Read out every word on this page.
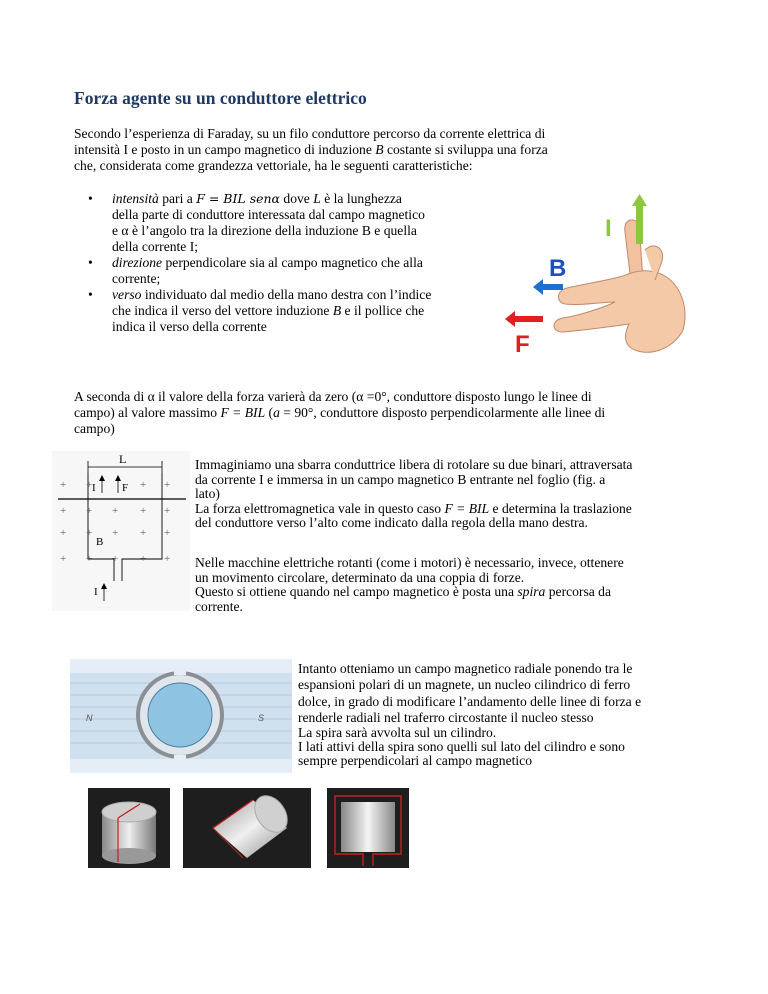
Forza agente su un conduttore elettrico
Secondo l’esperienza di Faraday, su un filo conduttore percorso da corrente elettrica di
intensità I e posto in un campo magnetico di induzione B costante si sviluppa una forza
che, considerata come grandezza vettoriale, ha le seguenti caratteristiche:
• intensità pari a F = BIL senα dove L è la lunghezza
della parte di conduttore interessata dal campo magnetico
e α è l’angolo tra la direzione della induzione B e quella
della corrente I;
• direzione perpendicolare sia al campo magnetico che alla
corrente;
• verso individuato dal medio della mano destra con l’indice
che indica il verso del vettore induzione B e il pollice che
indica il verso della corrente
I
B
F
A seconda di α il valore della forza varierà da zero (α =0°, conduttore disposto lungo le linee di
campo) al valore massimo F = BIL (a = 90°, conduttore disposto perpendicolarmente alle linee di
campo)
L
I F
B
I
+ +	+ +
+ + + + +
+ + + + +
+ + + + +
Immaginiamo una sbarra conduttrice libera di rotolare su due binari, attraversata
da corrente I e immersa in un campo magnetico B entrante nel foglio (fig. a
lato)
La forza elettromagnetica vale in questo caso F = BIL e determina la traslazione
del conduttore verso l’alto come indicato dalla regola della mano destra.
Nelle macchine elettriche rotanti (come i motori) è necessario, invece, ottenere
un movimento circolare, determinato da una coppia di forze.
Questo si ottiene quando nel campo magnetico è posta una spira percorsa da
corrente.
N	S
Intanto otteniamo un campo magnetico radiale ponendo tra le
espansioni polari di un magnete, un nucleo cilindrico di ferro
dolce, in grado di modificare l’andamento delle linee di forza e
renderle radiali nel traferro circostante il nucleo stesso
La spira sarà avvolta sul un cilindro.
I lati attivi della spira sono quelli sul lato del cilindro e sono
sempre perpendicolari al campo magnetico
